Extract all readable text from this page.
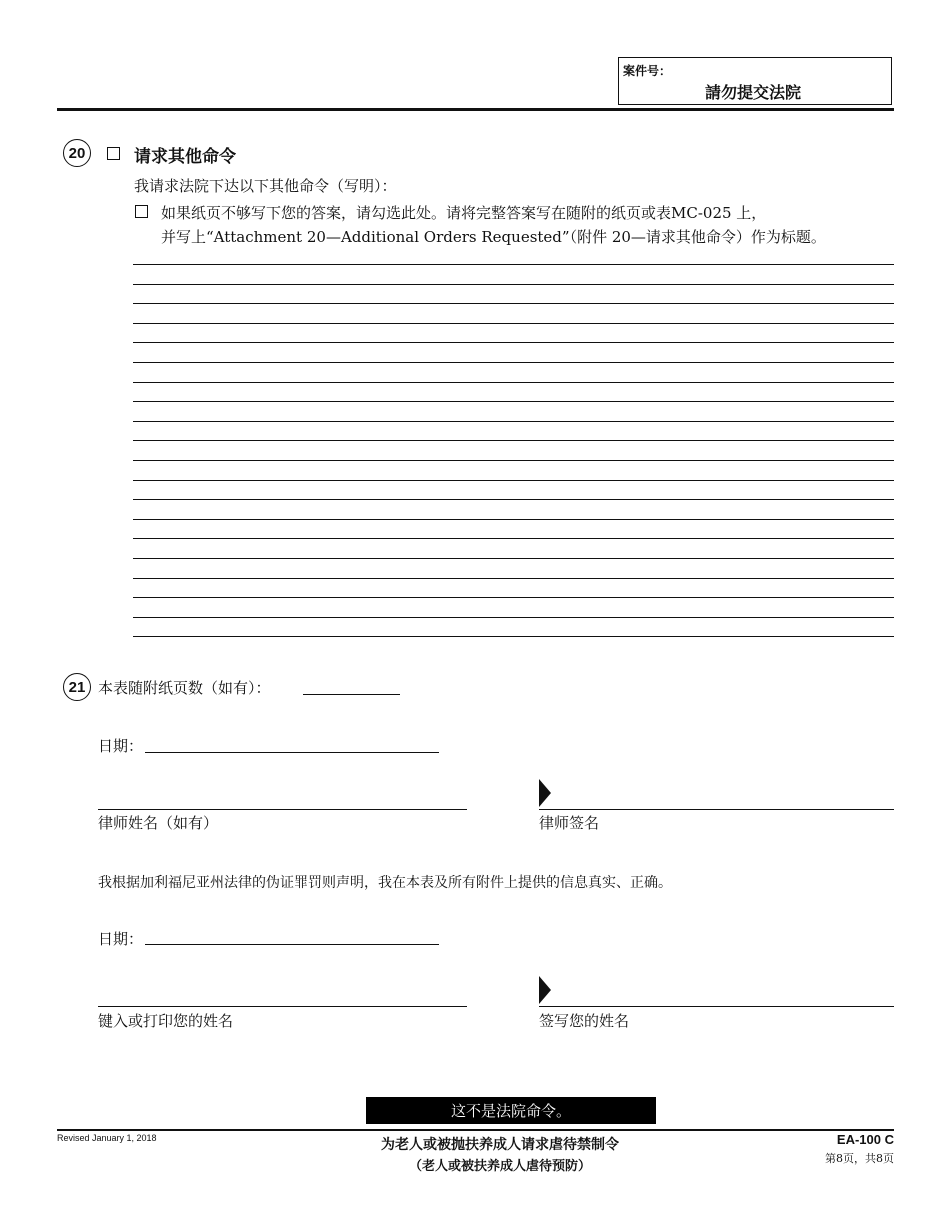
案件号：
請勿提交法院
20	请求其他命令
我请求法院下达以下其他命令（写明）：
如果纸页不够写下您的答案，请勾选此处。请将完整答案写在随附的纸页或表MC-025 上，
并写上“Attachment 20—Additional Orders Requested”（附件 20—请求其他命令）作为标题。
21 本表随附纸页数（如有）：
日期：
律师姓名（如有）	律师签名
我根据加利福尼亚州法律的伪证罪罚则声明，我在本表及所有附件上提供的信息真实、正确。
日期：
键入或打印您的姓名	签写您的姓名
这不是法院命令。
Revised January 1, 2018	为老人或被抛扶养成人请求虐待禁制令
（老人或被扶养成人虐待预防）
EA-100 C
第8页，共8页
